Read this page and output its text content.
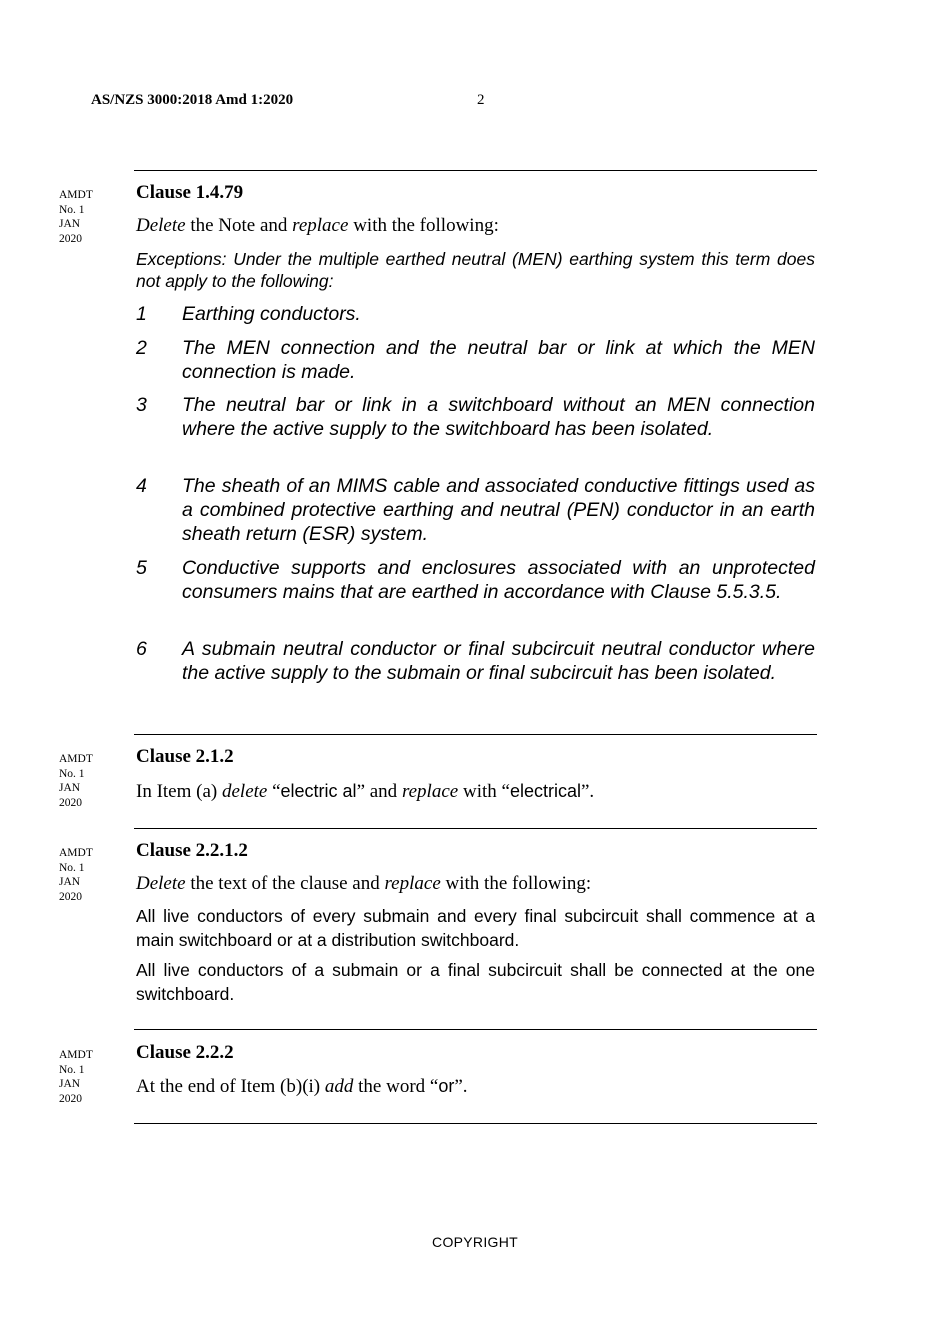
AS/NZS 3000:2018 Amd 1:2020	2
AMDT
No. 1
JAN
2020
Clause 1.4.79
Delete the Note and replace with the following:
Exceptions: Under the multiple earthed neutral (MEN) earthing system this term does not apply to the following:
1	Earthing conductors.
2	The MEN connection and the neutral bar or link at which the MEN connection is made.
3	The neutral bar or link in a switchboard without an MEN connection where the active supply to the switchboard has been isolated.
4	The sheath of an MIMS cable and associated conductive fittings used as a combined protective earthing and neutral (PEN) conductor in an earth sheath return (ESR) system.
5	Conductive supports and enclosures associated with an unprotected consumers mains that are earthed in accordance with Clause 5.5.3.5.
6	A submain neutral conductor or final subcircuit neutral conductor where the active supply to the submain or final subcircuit has been isolated.
AMDT
No. 1
JAN
2020
Clause 2.1.2
In Item (a) delete “electric al” and replace with “electrical”.
AMDT
No. 1
JAN
2020
Clause 2.2.1.2
Delete the text of the clause and replace with the following:
All live conductors of every submain and every final subcircuit shall commence at a main switchboard or at a distribution switchboard.
All live conductors of a submain or a final subcircuit shall be connected at the one switchboard.
AMDT
No. 1
JAN
2020
Clause 2.2.2
At the end of Item (b)(i) add the word “or”.
COPYRIGHT
